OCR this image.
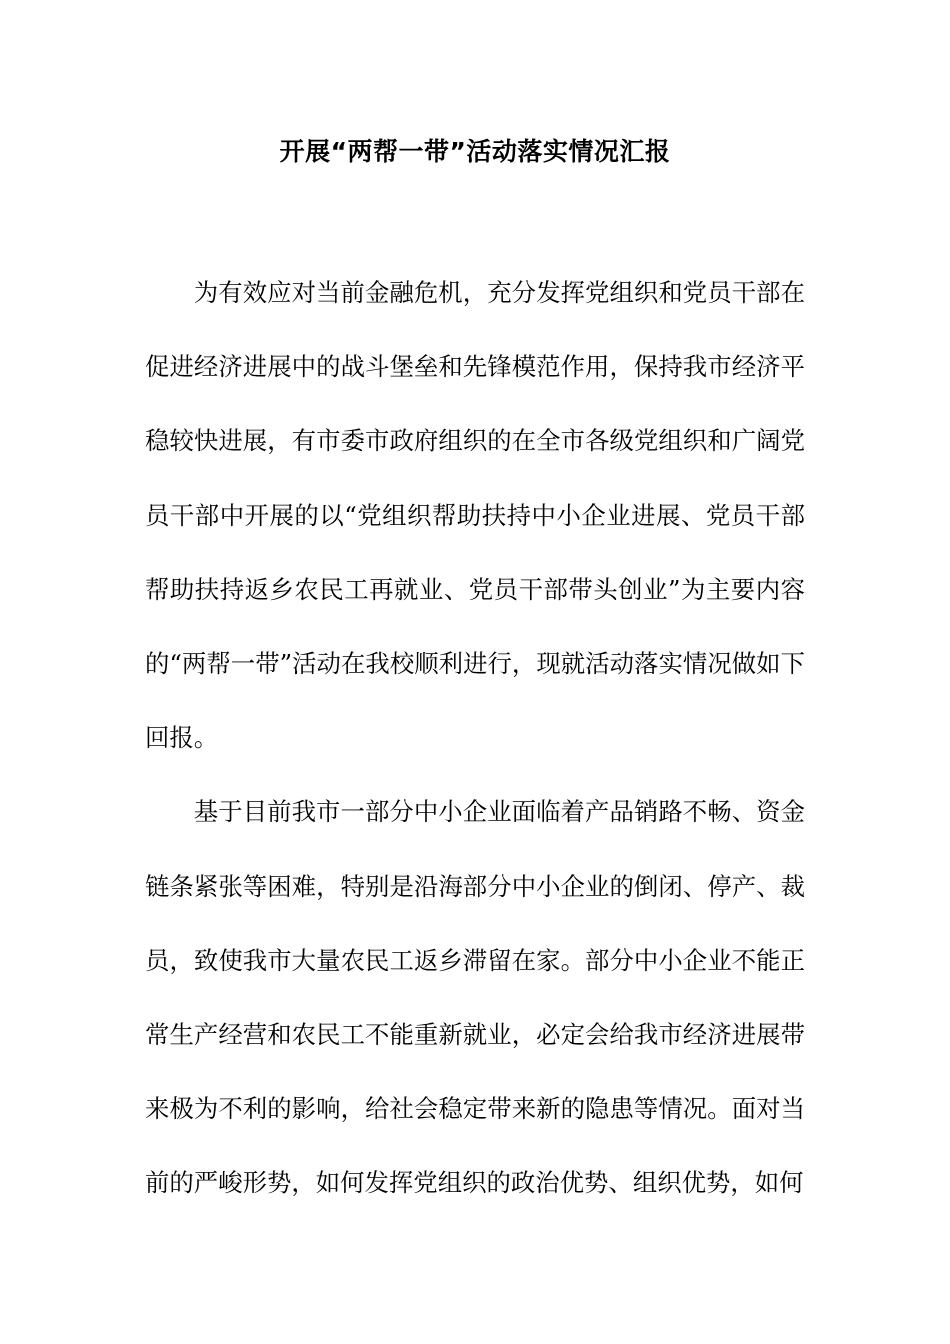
开展“两帮一带”活动落实情况汇报

为有效应对当前金融危机，充分发挥党组织和党员干部在促进经济进展中的战斗堡垒和先锋模范作用，保持我市经济平稳较快进展，有市委市政府组织的在全市各级党组织和广阔党员干部中开展的以“党组织帮助扶持中小企业进展、党员干部帮助扶持返乡农民工再就业、党员干部带头创业”为主要内容的“两帮一带”活动在我校顺利进行，现就活动落实情况做如下回报。

基于目前我市一部分中小企业面临着产品销路不畅、资金链条紧张等困难，特别是沿海部分中小企业的倒闭、停产、裁员，致使我市大量农民工返乡滞留在家。部分中小企业不能正常生产经营和农民工不能重新就业，必定会给我市经济进展带来极为不利的影响，给社会稳定带来新的隐患等情况。面对当前的严峻形势，如何发挥党组织的政治优势、组织优势，如何
